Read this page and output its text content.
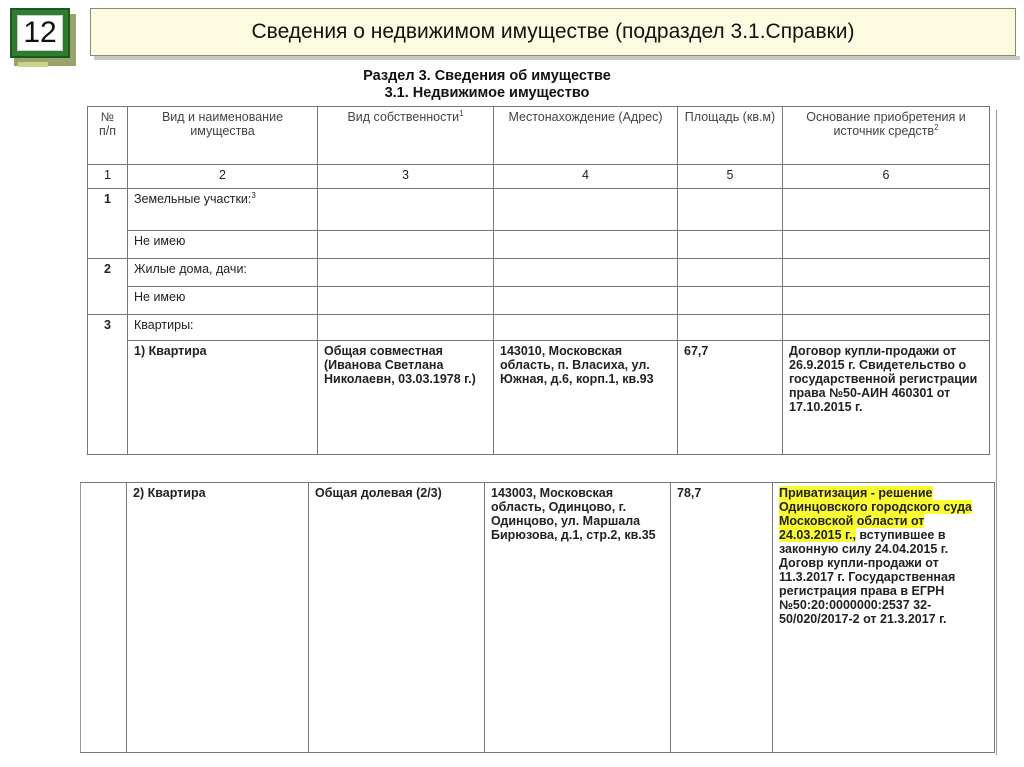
12	Сведения о недвижимом имуществе (подраздел 3.1.Справки)
Раздел 3. Сведения об имуществе
3.1. Недвижимое имущество
№ п/п	Вид и наименование имущества	Вид собственности$^1$	Местонахождение (Адрес)	Площадь (кв.м)	Основание приобретения и источник средств$^2$
1	2	3	4	5	6
1	Земельные участки:$^3$				
	Не имею				
2	Жилые дома, дачи:				
	Не имею				
3	Квартиры:				
	1) Квартира	Общая совместная (Иванова Светлана Николаевн, 03.03.1978 г.)	143010, Московская область, п. Власиха, ул. Южная, д.6, корп.1, кв.93	67,7	Договор купли-продажи от 26.9.2015 г. Свидетельство о государственной регистрации права №50-АИН 460301 от 17.10.2015 г.
	2) Квартира	Общая долевая (2/3)	143003, Московская область, Одинцово, г. Одинцово, ул. Маршала Бирюзова, д.1, стр.2, кв.35	78,7	Приватизация - решение Одинцовского городского суда Московской области от 24.03.2015 г., вступившее в законную силу 24.04.2015 г. Договр купли-продажи от 11.3.2017 г. Государственная регистрация права в ЕГРН №50:20:0000000:2537 32-50/020/2017-2 от 21.3.2017 г.
